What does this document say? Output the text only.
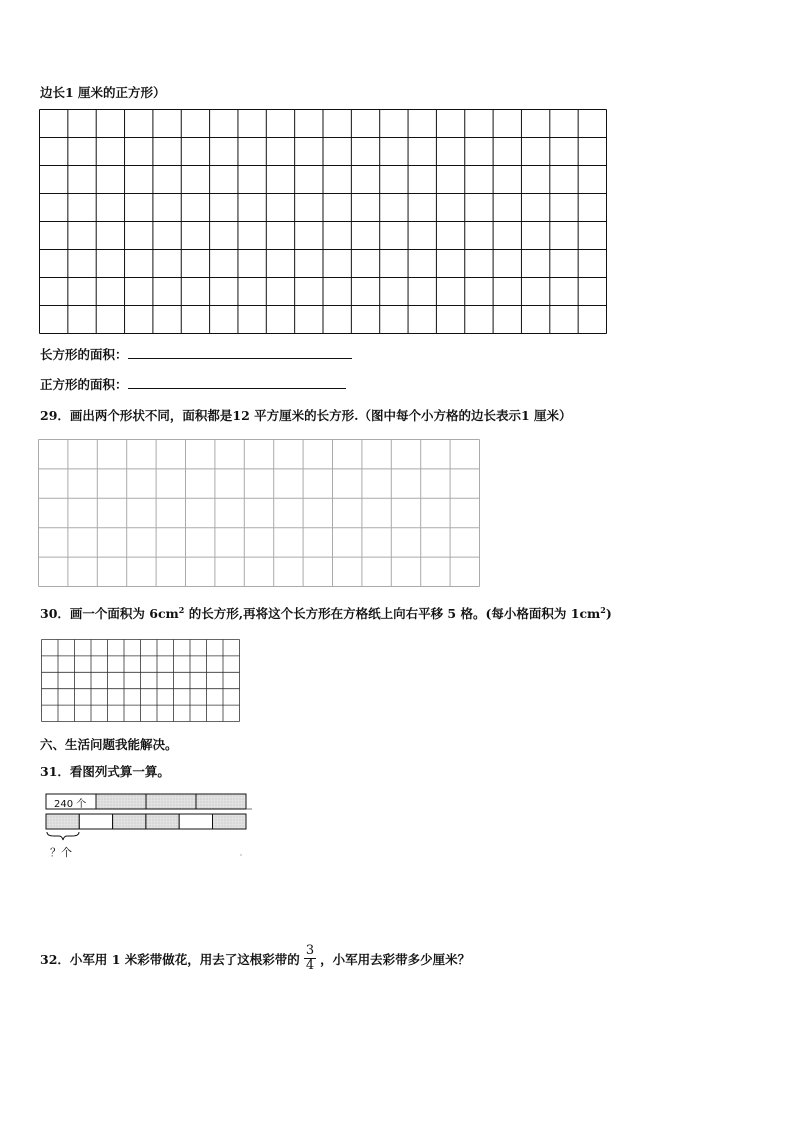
边长1 厘米的正方形）
长方形的面积：
正方形的面积：
29．画出两个形状不同，面积都是12 平方厘米的长方形.（图中每个小方格的边长表示1 厘米）
30．画一个面积为 $6cm^2$ 的长方形,再将这个长方形在方格纸上向右平移 5 格。(每小格面积为 $1cm^2$)
六、生活问题我能解决。
31．看图列式算一算。
240 个
？个
32．小军用 1 米彩带做花，用去了这根彩带的 $\frac{3}{4}$ ，小军用去彩带多少厘米？
